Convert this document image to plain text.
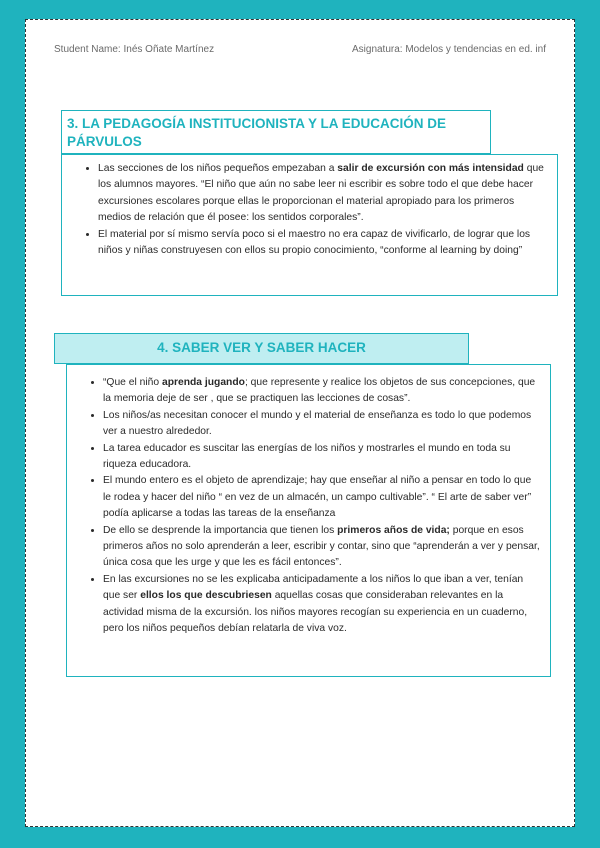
Student Name: Inés Oñate Martínez	Asignatura: Modelos y tendencias en ed. inf
3. LA PEDAGOGÍA INSTITUCIONISTA Y LA EDUCACIÓN DE PÁRVULOS
• Las secciones de los niños pequeños empezaban a salir de excursión con más intensidad que los alumnos mayores. “El niño que aún no sabe leer ni escribir es sobre todo el que debe hacer excursiones escolares porque ellas le proporcionan el material apropiado para los primeros medios de relación que él posee: los sentidos corporales”.
• El material por sí mismo servía poco si el maestro no era capaz de vivificarlo, de lograr que los niños y niñas construyesen con ellos su propio conocimiento, “conforme al learning by doing”
4. SABER VER Y SABER HACER
• “Que el niño aprenda jugando; que represente y realice los objetos de sus concepciones, que la memoria deje de ser , que se practiquen las lecciones de cosas”.
• Los niños/as necesitan conocer el mundo y el material de enseñanza es todo lo que podemos ver a nuestro alrededor.
• La tarea educador es suscitar las energías de los niños y mostrarles el mundo en toda su riqueza educadora.
• El mundo entero es el objeto de aprendizaje; hay que enseñar al niño a pensar en todo lo que le rodea y hacer del niño “ en vez de un almacén, un campo cultivable”. “ El arte de saber ver” podía aplicarse a todas las tareas de la enseñanza
• De ello se desprende la importancia que tienen los primeros años de vida; porque en esos primeros años no solo aprenderán a leer, escribir y contar, sino que “aprenderán a ver y pensar, única cosa que les urge y que les es fácil entonces”.
• En las excursiones no se les explicaba anticipadamente a los niños lo que iban a ver, tenían que ser ellos los que descubriesen aquellas cosas que consideraban relevantes en la actividad misma de la excursión. los niños mayores recogían su experiencia en un cuaderno, pero los niños pequeños debían relatarla de viva voz.
